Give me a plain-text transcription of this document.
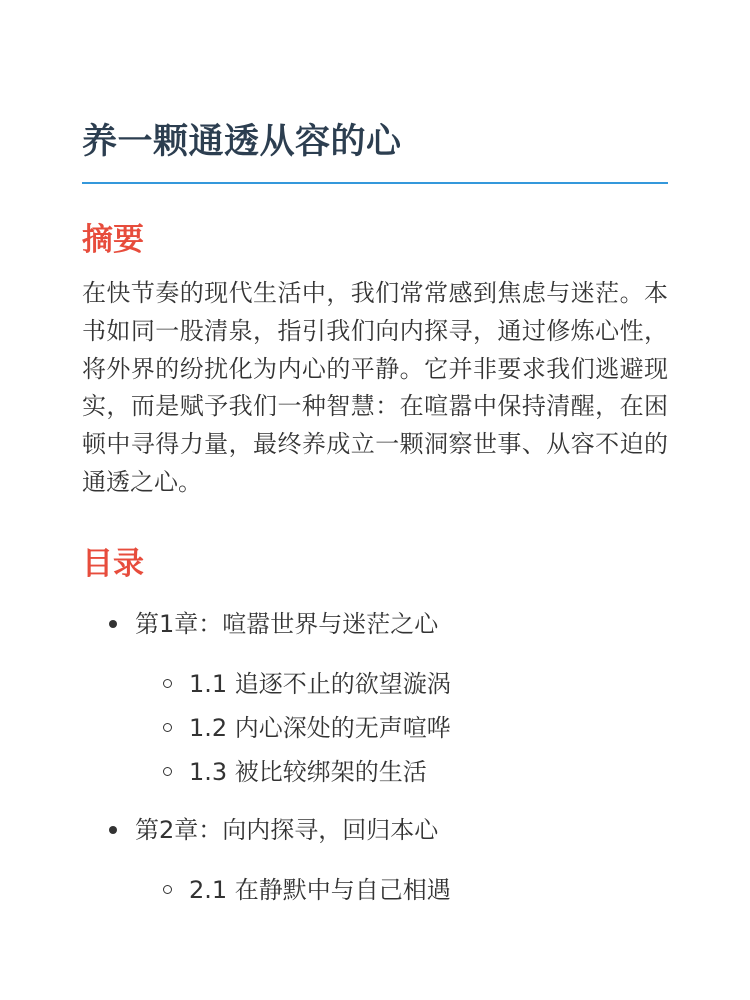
养一颗通透从容的心
摘要

在快节奏的现代生活中，我们常常感到焦虑与迷茫。本书如同一股清泉，指引我们向内探寻，通过修炼心性，将外界的纷扰化为内心的平静。它并非要求我们逃避现实，而是赋予我们一种智慧：在喧嚣中保持清醒，在困顿中寻得力量，最终养成立一颗洞察世事、从容不迫的通透之心。

目录
第1章：喧嚣世界与迷茫之心
1.1 追逐不止的欲望漩涡
1.2 内心深处的无声喧哗
1.3 被比较绑架的生活
第2章：向内探寻，回归本心
2.1 在静默中与自己相遇
